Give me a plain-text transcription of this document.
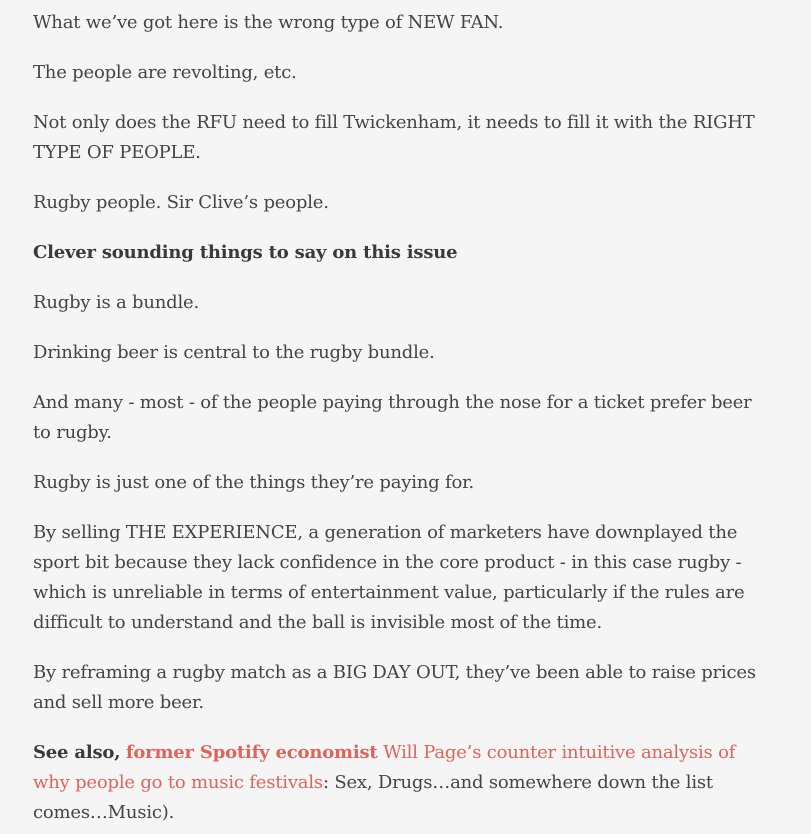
What we’ve got here is the wrong type of NEW FAN.

The people are revolting, etc.

Not only does the RFU need to fill Twickenham, it needs to fill it with the RIGHT TYPE OF PEOPLE.

Rugby people. Sir Clive’s people.

Clever sounding things to say on this issue

Rugby is a bundle.

Drinking beer is central to the rugby bundle.

And many - most - of the people paying through the nose for a ticket prefer beer to rugby.

Rugby is just one of the things they’re paying for.

By selling THE EXPERIENCE, a generation of marketers have downplayed the sport bit because they lack confidence in the core product - in this case rugby - which is unreliable in terms of entertainment value, particularly if the rules are difficult to understand and the ball is invisible most of the time.

By reframing a rugby match as a BIG DAY OUT, they’ve been able to raise prices and sell more beer.

See also, former Spotify economist Will Page’s counter intuitive analysis of why people go to music festivals: Sex, Drugs…and somewhere down the list comes…Music).
